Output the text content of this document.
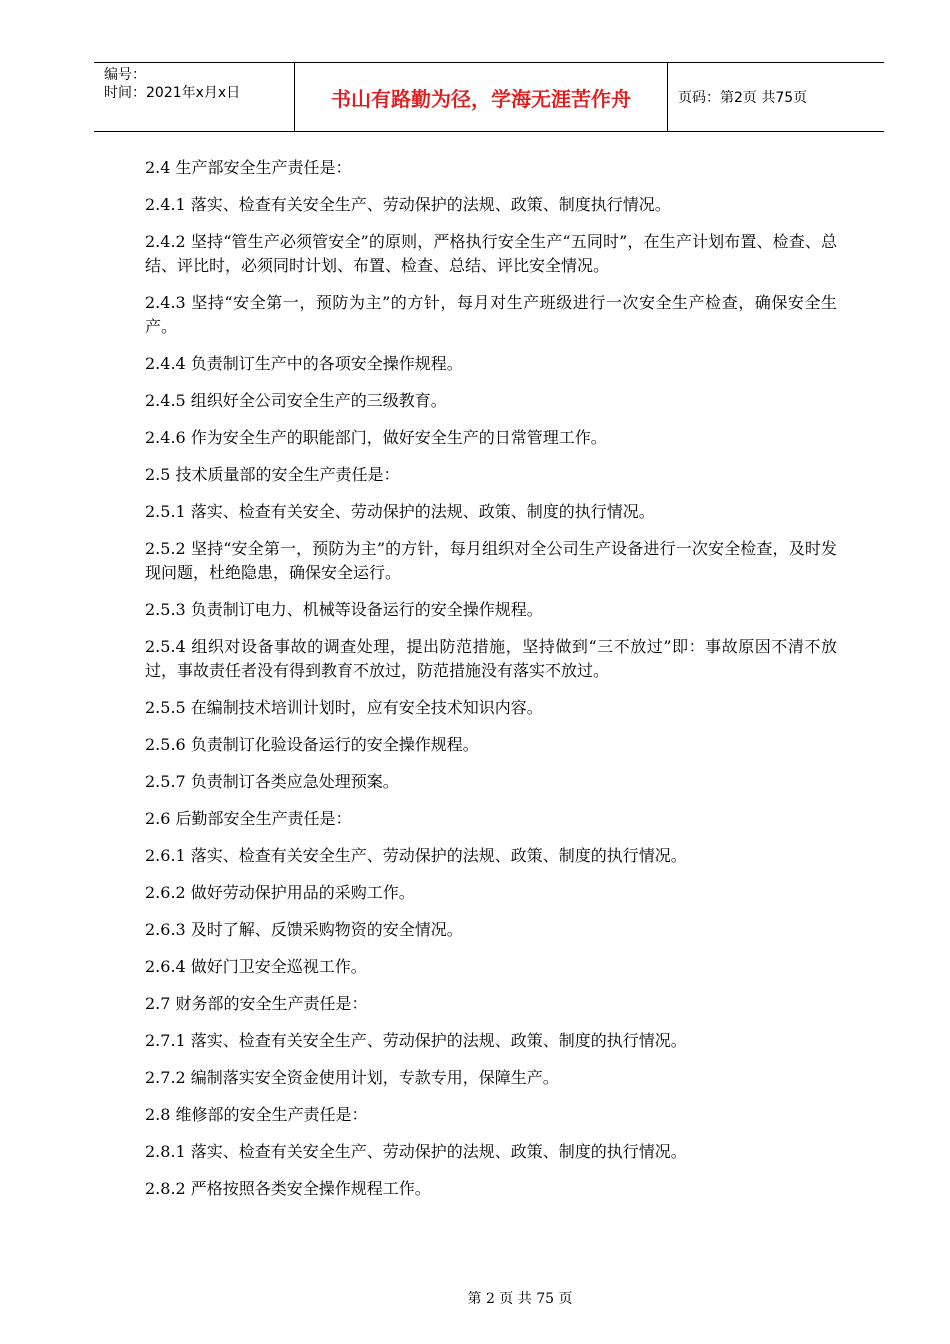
编号：
时间：2021年x月x日	书山有路勤为径，学海无涯苦作舟	页码：第2页 共75页

2.4 生产部安全生产责任是：

2.4.1 落实、检查有关安全生产、劳动保护的法规、政策、制度执行情况。

2.4.2 坚持“管生产必须管安全”的原则，严格执行安全生产“五同时”，在生产计划布置、检查、总结、评比时，必须同时计划、布置、检查、总结、评比安全情况。

2.4.3 坚持“安全第一，预防为主”的方针，每月对生产班级进行一次安全生产检查，确保安全生产。

2.4.4 负责制订生产中的各项安全操作规程。

2.4.5 组织好全公司安全生产的三级教育。

2.4.6 作为安全生产的职能部门，做好安全生产的日常管理工作。

2.5 技术质量部的安全生产责任是：

2.5.1 落实、检查有关安全、劳动保护的法规、政策、制度的执行情况。

2.5.2 坚持“安全第一，预防为主”的方针，每月组织对全公司生产设备进行一次安全检查，及时发现问题，杜绝隐患，确保安全运行。

2.5.3 负责制订电力、机械等设备运行的安全操作规程。

2.5.4 组织对设备事故的调查处理，提出防范措施，坚持做到“三不放过”即：事故原因不清不放过，事故责任者没有得到教育不放过，防范措施没有落实不放过。

2.5.5 在编制技术培训计划时，应有安全技术知识内容。

2.5.6 负责制订化验设备运行的安全操作规程。

2.5.7 负责制订各类应急处理预案。

2.6 后勤部安全生产责任是：

2.6.1 落实、检查有关安全生产、劳动保护的法规、政策、制度的执行情况。

2.6.2 做好劳动保护用品的采购工作。

2.6.3 及时了解、反馈采购物资的安全情况。

2.6.4 做好门卫安全巡视工作。

2.7 财务部的安全生产责任是：

2.7.1 落实、检查有关安全生产、劳动保护的法规、政策、制度的执行情况。

2.7.2 编制落实安全资金使用计划，专款专用，保障生产。

2.8 维修部的安全生产责任是：

2.8.1 落实、检查有关安全生产、劳动保护的法规、政策、制度的执行情况。

2.8.2 严格按照各类安全操作规程工作。

第 2 页 共 75 页
